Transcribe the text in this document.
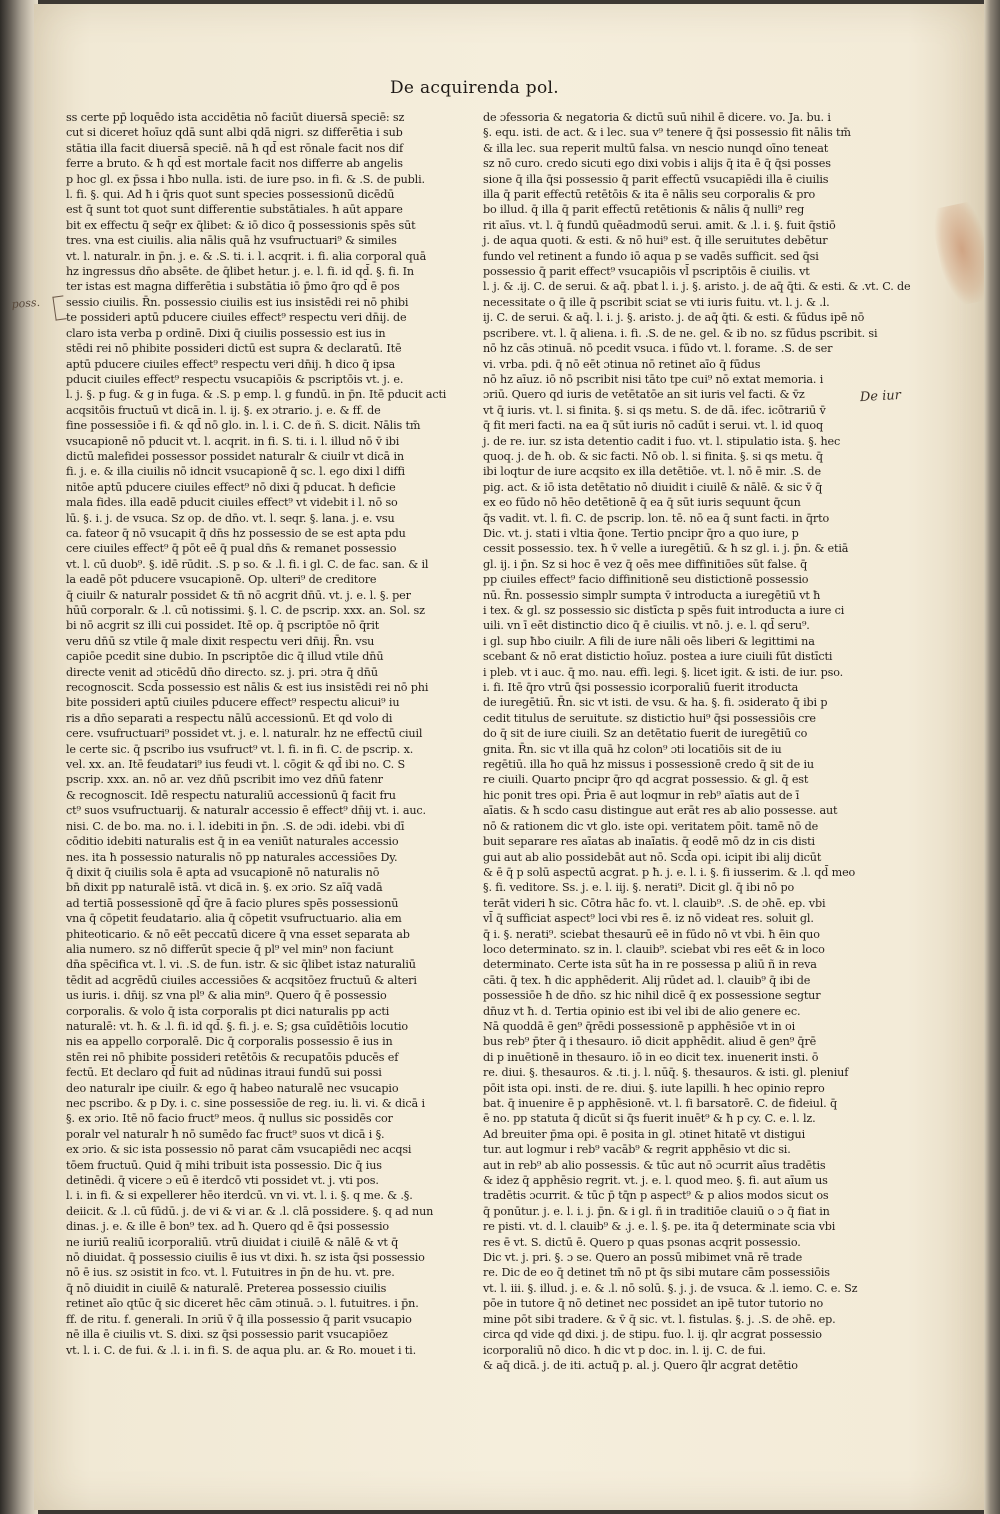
De acquirenda pol.
poss.
De iur
ss certe pp̄ loquēdo ista accidētia nō faciūt diuersā speciē: sz
cut si diceret hoīuz qdā sunt albi qdā nigri. sz differētia i sub
stātia illa facit diuersā speciē. nā ħ qd̄ est rōnale facit nos dif
ferre a bruto. & ħ qd̄ est mortale facit nos differre ab angelis
p hoc gl. ex p̄ssa i ħbo nulla. isti. de iure pso. in fi. & .S. de publi.
l. fi. §. qui. Ad ħ i q̄ris quot sunt species possessionū dicēdū
est q̄ sunt tot quot sunt differentie substātiales. ħ aūt appare
bit ex effectu q̄ seq̄r ex q̄libet: & iō dico q̄ possessionis spēs sūt
tres. vna est ciuilis. alia nālis quā hz vsufructuari⁹ & similes
vt. l. naturalr. in p̄n. j. e. & .S. ti. i. l. acqrit. i. fi. alia corporal quā
hz ingressus dn̄o absēte. de q̄libet hetur. j. e. l. fi. id qd̄. §. fi. In
ter istas est magna differētia i substātia iō p̄mo q̄ro qd̄ ē pos
sessio ciuilis. R̄n. possessio ciuilis est ius insistēdi rei nō phibi
te possideri aptū pducere ciuiles effect⁹ respectu veri dn̄ij. de
claro ista verba p ordinē. Dixi q̄ ciuilis possessio est ius in
stēdi rei nō phibite possideri dictū est supra & declaratū. Itē
aptū pducere ciuiles effect⁹ respectu veri dn̄ij. ħ dico q̄ ipsa
pducit ciuiles effect⁹ respectu vsucapiōis & pscriptōis vt. j. e.
l. j. §. p fug. & g in fuga. & .S. p emp. l. g fundū. in p̄n. Itē pducit acti
acqsitōis fructuū vt dicā in. l. ij. §. ex ɔtrario. j. e. & ff. de
fine possessiōe i fi. & qd̄ nō glo. in. l. i. C. de ñ. S. dicit. Nālis tm̄
vsucapionē nō pducit vt. l. acqrit. in fi. S. ti. i. l. illud nō v̄ ibi
dictū malefidei possessor possidet naturalr & ciuilr vt dicā in
fi. j. e. & illa ciuilis nō idncit vsucapionē q̄ sc. l. ego dixi l diffi
nitōe aptū pducere ciuiles effect⁹ nō dixi q̄ pducat. ħ deficie
mala fides. illa eadē pducit ciuiles effect⁹ vt videbit i l. nō so
lū. §. i. j. de vsuca. Sz op. de dn̄o. vt. l. seqr. §. lana. j. e. vsu
ca. fateor q̄ nō vsucapit q̄ dn̄s hz possessio de se est apta pdu
cere ciuiles effect⁹ q̄ pōt eē q̄ pual dn̄s & remanet possessio
vt. l. cū duob⁹. §. idē rūdit. .S. p so. & .l. fi. i gl. C. de fac. san. & il
la eadē pōt pducere vsucapionē. Op. ulteri⁹ de creditore
q̄ ciuilr & naturalr possidet & tn̄ nō acgrit dn̄ū. vt. j. e. l. §. per
hūū corporalr. & .l. cū notissimi. §. l. C. de pscrip. xxx. an. Sol. sz
bi nō acgrit sz illi cui possidet. Itē op. q̄ pscriptōe nō q̄rit
veru dn̄ū sz vtile q̄ male dixit respectu veri dn̄ij. R̄n. vsu
capiōe pcedit sine dubio. In pscriptōe dic q̄ illud vtile dn̄ū
directe venit ad ɔticēdū dn̄o directo. sz. j. pri. ɔtra q̄ dn̄ū
recognoscit. Scd̄a possessio est nālis & est ius insistēdi rei nō phi
bite possideri aptū ciuiles pducere effect⁹ respectu alicui⁹ iu
ris a dn̄o separati a respectu nālū accessionū. Et qd volo di
cere. vsufructuari⁹ possidet vt. j. e. l. naturalr. hz ne effectū ciuil
le certe sic. q̄ pscribo ius vsufruct⁹ vt. l. fi. in fi. C. de pscrip. x.
vel. xx. an. Itē feudatari⁹ ius feudi vt. l. cōgit & qd̄ ibi no. C. S
pscrip. xxx. an. nō ar. vez dn̄ū pscribit imo vez dn̄ū fatenr
& recognoscit. Idē respectu naturaliū accessionū q̄ facit fru
ct⁹ suos vsufructuarij. & naturalr accessio ē effect⁹ dn̄ij vt. i. auc.
nisi. C. de bo. ma. no. i. l. idebiti in p̄n. .S. de ɔdi. idebi. vbi dī
cōditio idebiti naturalis est q̄ in ea veniūt naturales accessio
nes. ita ħ possessio naturalis nō pp naturales accessiōes Dy.
q̄ dixit q̄ ciuilis sola ē apta ad vsucapionē nō naturalis nō
bn̄ dixit pp naturalē istā. vt dicā in. §. ex ɔrio. Sz aīq̄ vadā
ad tertiā possessionē qd̄ q̄re ā facio plures spēs possessionū
vna q̄ cōpetit feudatario. alia q̄ cōpetit vsufructuario. alia em
phiteoticario. & nō eēt peccatū dicere q̄ vna esset separata ab
alia numero. sz nō differūt specie q̄ pl⁹ vel min⁹ non faciunt
dn̄a spēcifica vt. l. vi. .S. de fun. istr. & sic q̄libet istaz naturaliū
tēdit ad acgrēdū ciuiles accessiōes & acqsitōez fructuū & alteri
us iuris. i. dn̄ij. sz vna pl⁹ & alia min⁹. Quero q̄ ē possessio
corporalis. & volo q̄ ista corporalis pt dici naturalis pp acti
naturalē: vt. ħ. & .l. fi. id qd̄. §. fi. j. e. S; gsa cuīdētiōis locutio
nis ea appello corporalē. Dic q̄ corporalis possessio ē ius in
stēn rei nō phibite possideri retētōis & recupatōis pducēs ef
fectū. Et declaro qd̄ fuit ad nūdinas itraui fundū sui possi
deo naturalr ipe ciuilr. & ego q̄ habeo naturalē nec vsucapio
nec pscribo. & p Dy. i. c. sine possessiōe de reg. iu. li. vi. & dicā i
§. ex ɔrio. Itē nō facio fruct⁹ meos. q̄ nullus sic possidēs cor
poralr vel naturalr ħ nō sumēdo fac fruct⁹ suos vt dicā i §.
ex ɔrio. & sic ista possessio nō parat cām vsucapiēdi nec acqsi
tōem fructuū. Quid q̄ mihi tribuit ista possessio. Dic q̄ ius
detinēdi. q̄ vicere ɔ eū ē iterdcō vti possidet vt. j. vti pos.
l. i. in fi. & si expellerer hēo iterdcū. vn vi. vt. l. i. §. q me. & .§.
deiicit. & .l. cū fūdū. j. de vi & vi ar. & .l. clā possidere. §. q ad nun
dinas. j. e. & ille ē bon⁹ tex. ad ħ. Quero qd ē q̄si possessio
ne iuriū realiū icorporaliū. vtrū diuidat i ciuilē & nālē & vt q̄
nō diuidat. q̄ possessio ciuilis ē ius vt dixi. ħ. sz ista q̄si possessio
nō ē ius. sz ɔsistit in fco. vt. l. Futuitres in p̄n de hu. vt. pre.
q̄ nō diuidit in ciuilē & naturalē. Preterea possessio ciuilis
retinet aīo qtūc q̄ sic diceret hēc cām ɔtinuā. ɔ. l. futuitres. i p̄n.
ff. de ritu. f. generali. In ɔriū v̄ q̄ illa possessio q̄ parit vsucapio
nē illa ē ciuilis vt. S. dixi. sz q̄si possessio parit vsucapiōez
vt. l. i. C. de fui. & .l. i. in fi. S. de aqua plu. ar. & Ro. mouet i ti.
de ɔfessoria & negatoria & dictū suū nihil ē dicere. vo. Ja. bu. i
§. equ. isti. de act. & i lec. sua v⁹ tenere q̄ q̄si possessio fit nālis tm̄
& illa lec. sua reperit multū falsa. vn nescio nunqd oīno teneat
sz nō curo. credo sicuti ego dixi vobis i alijs q̄ ita ē q̄ q̄si posses
sione q̄ illa q̄si possessio q̄ parit effectū vsucapiēdi illa ē ciuilis
illa q̄ parit effectū retētōis & ita ē nālis seu corporalis & pro
bo illud. q̄ illa q̄ parit effectū retētionis & nālis q̄ nulli⁹ reg
rit aīus. vt. l. q̄ fundū quēadmodū serui. amit. & .l. i. §. fuit q̄stiō
j. de aqua quoti. & esti. & nō hui⁹ est. q̄ ille seruitutes debētur
fundo vel retinent a fundo iō aqua p se vadēs sufficit. sed q̄si
possessio q̄ parit effect⁹ vsucapiōis vl̄ pscriptōis ē ciuilis. vt
l. j. & .ij. C. de serui. & aq̄. pbat l. i. j. §. aristo. j. de aq̄ q̄ti. & esti. & .vt. C. de
necessitate o q̄ ille q̄ pscribit sciat se vti iuris fuitu. vt. l. j. & .l.
ij. C. de serui. & aq̄. l. i. j. §. aristo. j. de aq̄ q̄ti. & esti. & fūdus ipē nō
pscribere. vt. l. q̄ aliena. i. fi. .S. de ne. gel. & ib no. sz fūdus pscribit. si
nō hz cās ɔtinuā. nō pcedit vsuca. i fūdo vt. l. forame. .S. de ser
vi. vrba. pdi. q̄ nō eēt ɔtinua nō retinet aīo q̄ fūdus
nō hz aīuz. iō nō pscribit nisi tāto tpe cui⁹ nō extat memoria. i
ɔriū. Quero qd iuris de vetētatōe an sit iuris vel facti. & v̄z
vt q̄ iuris. vt. l. si finita. §. si qs metu. S. de dā. ifec. icōtrariū v̄
q̄ fit meri facti. na ea q̄ sūt iuris nō cadūt i serui. vt. l. id quoq
j. de re. iur. sz ista detentio cadit i fuo. vt. l. stipulatio ista. §. hec
quoq. j. de ħ. ob. & sic facti. Nō ob. l. si finita. §. si qs metu. q̄
ibi loqtur de iure acqsito ex illa detētiōe. vt. l. nō ē mir. .S. de
pig. act. & iō ista detētatio nō diuidit i ciuilē & nālē. & sic v̄ q̄
ex eo fūdo nō hēo detētionē q̄ ea q̄ sūt iuris sequunt q̄cun
q̄s vadit. vt. l. fi. C. de pscrip. lon. tē. nō ea q̄ sunt facti. in q̄rto
Dic. vt. j. stati i vltia q̄one. Tertio pncipr q̄ro a quo iure, p
cessit possessio. tex. ħ v̄ velle a iuregētiū. & ħ sz gl. i. j. p̄n. & etiā
gl. ij. i p̄n. Sz si hoc ē vez q̄ oēs mee diffinitiōes sūt false. q̄
pp ciuiles effect⁹ facio diffinitionē seu distictionē possessio
nū. R̄n. possessio simplr sumpta v̄ introducta a iuregētiū vt ħ
i tex. & gl. sz possessio sic distīcta p spēs fuit introducta a iure ci
uili. vn ī eēt distinctio dico q̄ ē ciuilis. vt nō. j. e. l. qd̄ seru⁹.
i gl. sup ħbo ciuilr. A fili de iure nāli oēs liberi & legittimi na
scebant & nō erat distictio hoīuz. postea a iure ciuili fūt distīcti
i pleb. vt i auc. q̄ mo. nau. effi. legi. §. licet igit. & isti. de iur. pso.
i. fi. Itē q̄ro vtrū q̄si possessio icorporaliū fuerit itroducta
de iuregētiū. R̄n. sic vt isti. de vsu. & ha. §. fi. ɔsiderato q̄ ibi p
cedit titulus de seruitute. sz distictio hui⁹ q̄si possessiōis cre
do q̄ sit de iure ciuili. Sz an detētatio fuerit de iuregētiū co
gnita. R̄n. sic vt illa quā hz colon⁹ ɔti locatiōis sit de iu
regētiū. illa ħo quā hz missus i possessionē credo q̄ sit de iu
re ciuili. Quarto pncipr q̄ro qd acgrat possessio. & gl. q̄ est
hic ponit tres opi. P̄ria ē aut loqmur in reb⁹ aīatis aut de ī
aīatis. & ħ scdo casu distingue aut erāt res ab alio possesse. aut
nō & rationem dic vt glo. iste opi. veritatem pōit. tamē nō de
buit separare res aīatas ab inaīatis. q̄ eodē mō dz in cis disti
gui aut ab alio possidebāt aut nō. Scd̄a opi. icipit ibi alij dicūt
& ē q̄ p solū aspectū acgrat. p ħ. j. e. l. i. §. fi iusserim. & .l. qd̄ meo
§. fi. veditore. Ss. j. e. l. iij. §. nerati⁹. Dicit gl. q̄ ibi nō po
terāt videri ħ sic. Cōtra hāc fo. vt. l. clauib⁹. .S. de ɔhē. ep. vbi
vl̄ q̄ sufficiat aspect⁹ loci vbi res ē. iz nō videat res. soluit gl.
q̄ i. §. nerati⁹. sciebat thesaurū eē in fūdo nō vt vbi. ħ ēin quo
loco determinato. sz in. l. clauib⁹. sciebat vbi res eēt & in loco
determinato. Certe ista sūt ħa in re possessa p aliū ñ in reva
cāti. q̄ tex. ħ dic apphēderit. Alij rūdet ad. l. clauib⁹ q̄ ibi de
possessiōe ħ de dn̄o. sz hic nihil dicē q̄ ex possessione segtur
dn̄uz vt ħ. d. Tertia opinio est ibi vel ibi de alio genere ec.
Nā quoddā ē gen⁹ q̄rēdi possessionē p apphēsiōe vt in oi
bus reb⁹ p̄ter q̄ i thesauro. iō dicit apphēdit. aliud ē gen⁹ q̄rē
di p inuētionē in thesauro. iō in eo dicit tex. inuenerit insti. ō
re. diui. §. thesauros. & .ti. j. l. nūq̄. §. thesauros. & isti. gl. pleniuf
pōit ista opi. insti. de re. diui. §. iute lapilli. ħ hec opinio repro
bat. q̄ inuenire ē p apphēsionē. vt. l. fi barsatorē. C. de fideiul. q̄
ē no. pp statuta q̄ dicūt si q̄s fuerit inuēt⁹ & ħ p cy. C. e. l. lz.
Ad breuiter p̄ma opi. ē posita in gl. ɔtinet ħitatē vt distigui
tur. aut logmur i reb⁹ vacāb⁹ & regrit apphēsio vt dic si.
aut in reb⁹ ab alio possessis. & tūc aut nō ɔcurrit aīus tradētis
& idez q̄ apphēsio regrit. vt. j. e. l. quod meo. §. fi. aut aīum us
tradētis ɔcurrit. & tūc p̄ tq̄n p aspect⁹ & p alios modos sicut os
q̄ ponūtur. j. e. l. i. j. p̄n. & i gl. ñ in traditiōe clauiū o ɔ q̄ fiat in
re pisti. vt. d. l. clauib⁹ & .j. e. l. §. pe. ita q̄ determinate scia vbi
res ē vt. S. dictū ē. Quero p quas psonas acqrit possessio.
Dic vt. j. pri. §. ɔ se. Quero an possū mibimet vnā rē trade
re. Dic de eo q̄ detinet tm̄ nō pt q̄s sibi mutare cām possessiōis
vt. l. iii. §. illud. j. e. & .l. nō solū. §. j. j. de vsuca. & .l. iemo. C. e. Sz
pōe in tutore q̄ nō detinet nec possidet an ipē tutor tutorio no
mine pōt sibi tradere. & v̄ q̄ sic. vt. l. fistulas. §. j. .S. de ɔhē. ep.
circa qd vide qd dixi. j. de stipu. fuo. l. ij. qlr acgrat possessio
icorporaliū nō dico. ħ dic vt p doc. in. l. ij. C. de fui.
& aq̄ dicā. j. de iti. actuq̄ p. al. j. Quero q̄lr acgrat detētio
